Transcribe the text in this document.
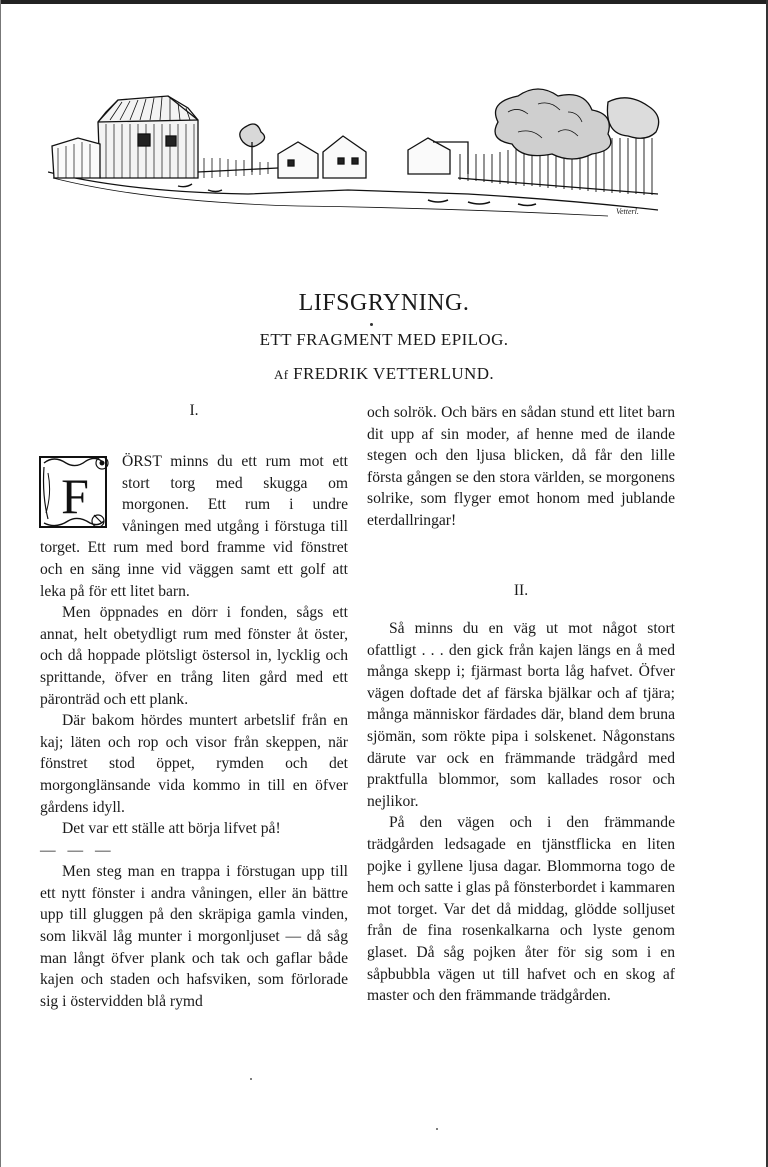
Vetterl.
LIFSGRYNING.
ETT FRAGMENT MED EPILOG.
Af FREDRIK VETTERLUND.
I.
F

ÖRST minns du ett rum mot ett stort torg med skugga om morgonen. Ett rum i undre våningen med utgång i förstuga till torget. Ett rum med bord framme vid fönstret och en säng inne vid väggen samt ett golf att leka på för ett litet barn.

Men öppnades en dörr i fonden, sågs ett annat, helt obetydligt rum med fönster åt öster, och då hoppade plötsligt östersol in, lycklig och sprittande, öfver en trång liten gård med ett päronträd och ett plank.

Där bakom hördes muntert arbetslif från en kaj; läten och rop och visor från skeppen, när fönstret stod öppet, rymden och det morgonglänsande vida kommo in till en öfver gårdens idyll.

Det var ett ställe att börja lifvet på!

— — —

Men steg man en trappa i förstugan upp till ett nytt fönster i andra våningen, eller än bättre upp till gluggen på den skräpiga gamla vinden, som likväl låg munter i morgonljuset — då såg man långt öfver plank och tak och gaflar både kajen och staden och hafsviken, som förlorade sig i östervidden blå rymd

och solrök. Och bärs en sådan stund ett litet barn dit upp af sin moder, af henne med de ilande stegen och den ljusa blicken, då får den lille första gången se den stora världen, se morgonens solrike, som flyger emot honom med jublande eterdallringar!

II.

Så minns du en väg ut mot något stort ofattligt . . . den gick från kajen längs en å med många skepp i; fjärmast borta låg hafvet. Öfver vägen doftade det af färska bjälkar och af tjära; många människor färdades där, bland dem bruna sjömän, som rökte pipa i solskenet. Någonstans därute var ock en främmande trädgård med praktfulla blommor, som kallades rosor och nejlikor.

På den vägen och i den främmande trädgården ledsagade en tjänstflicka en liten pojke i gyllene ljusa dagar. Blommorna togo de hem och satte i glas på fönsterbordet i kammaren mot torget. Var det då middag, glödde solljuset från de fina rosenkalkarna och lyste genom glaset. Då såg pojken åter för sig som i en såpbubbla vägen ut till hafvet och en skog af master och den främmande trädgården.
